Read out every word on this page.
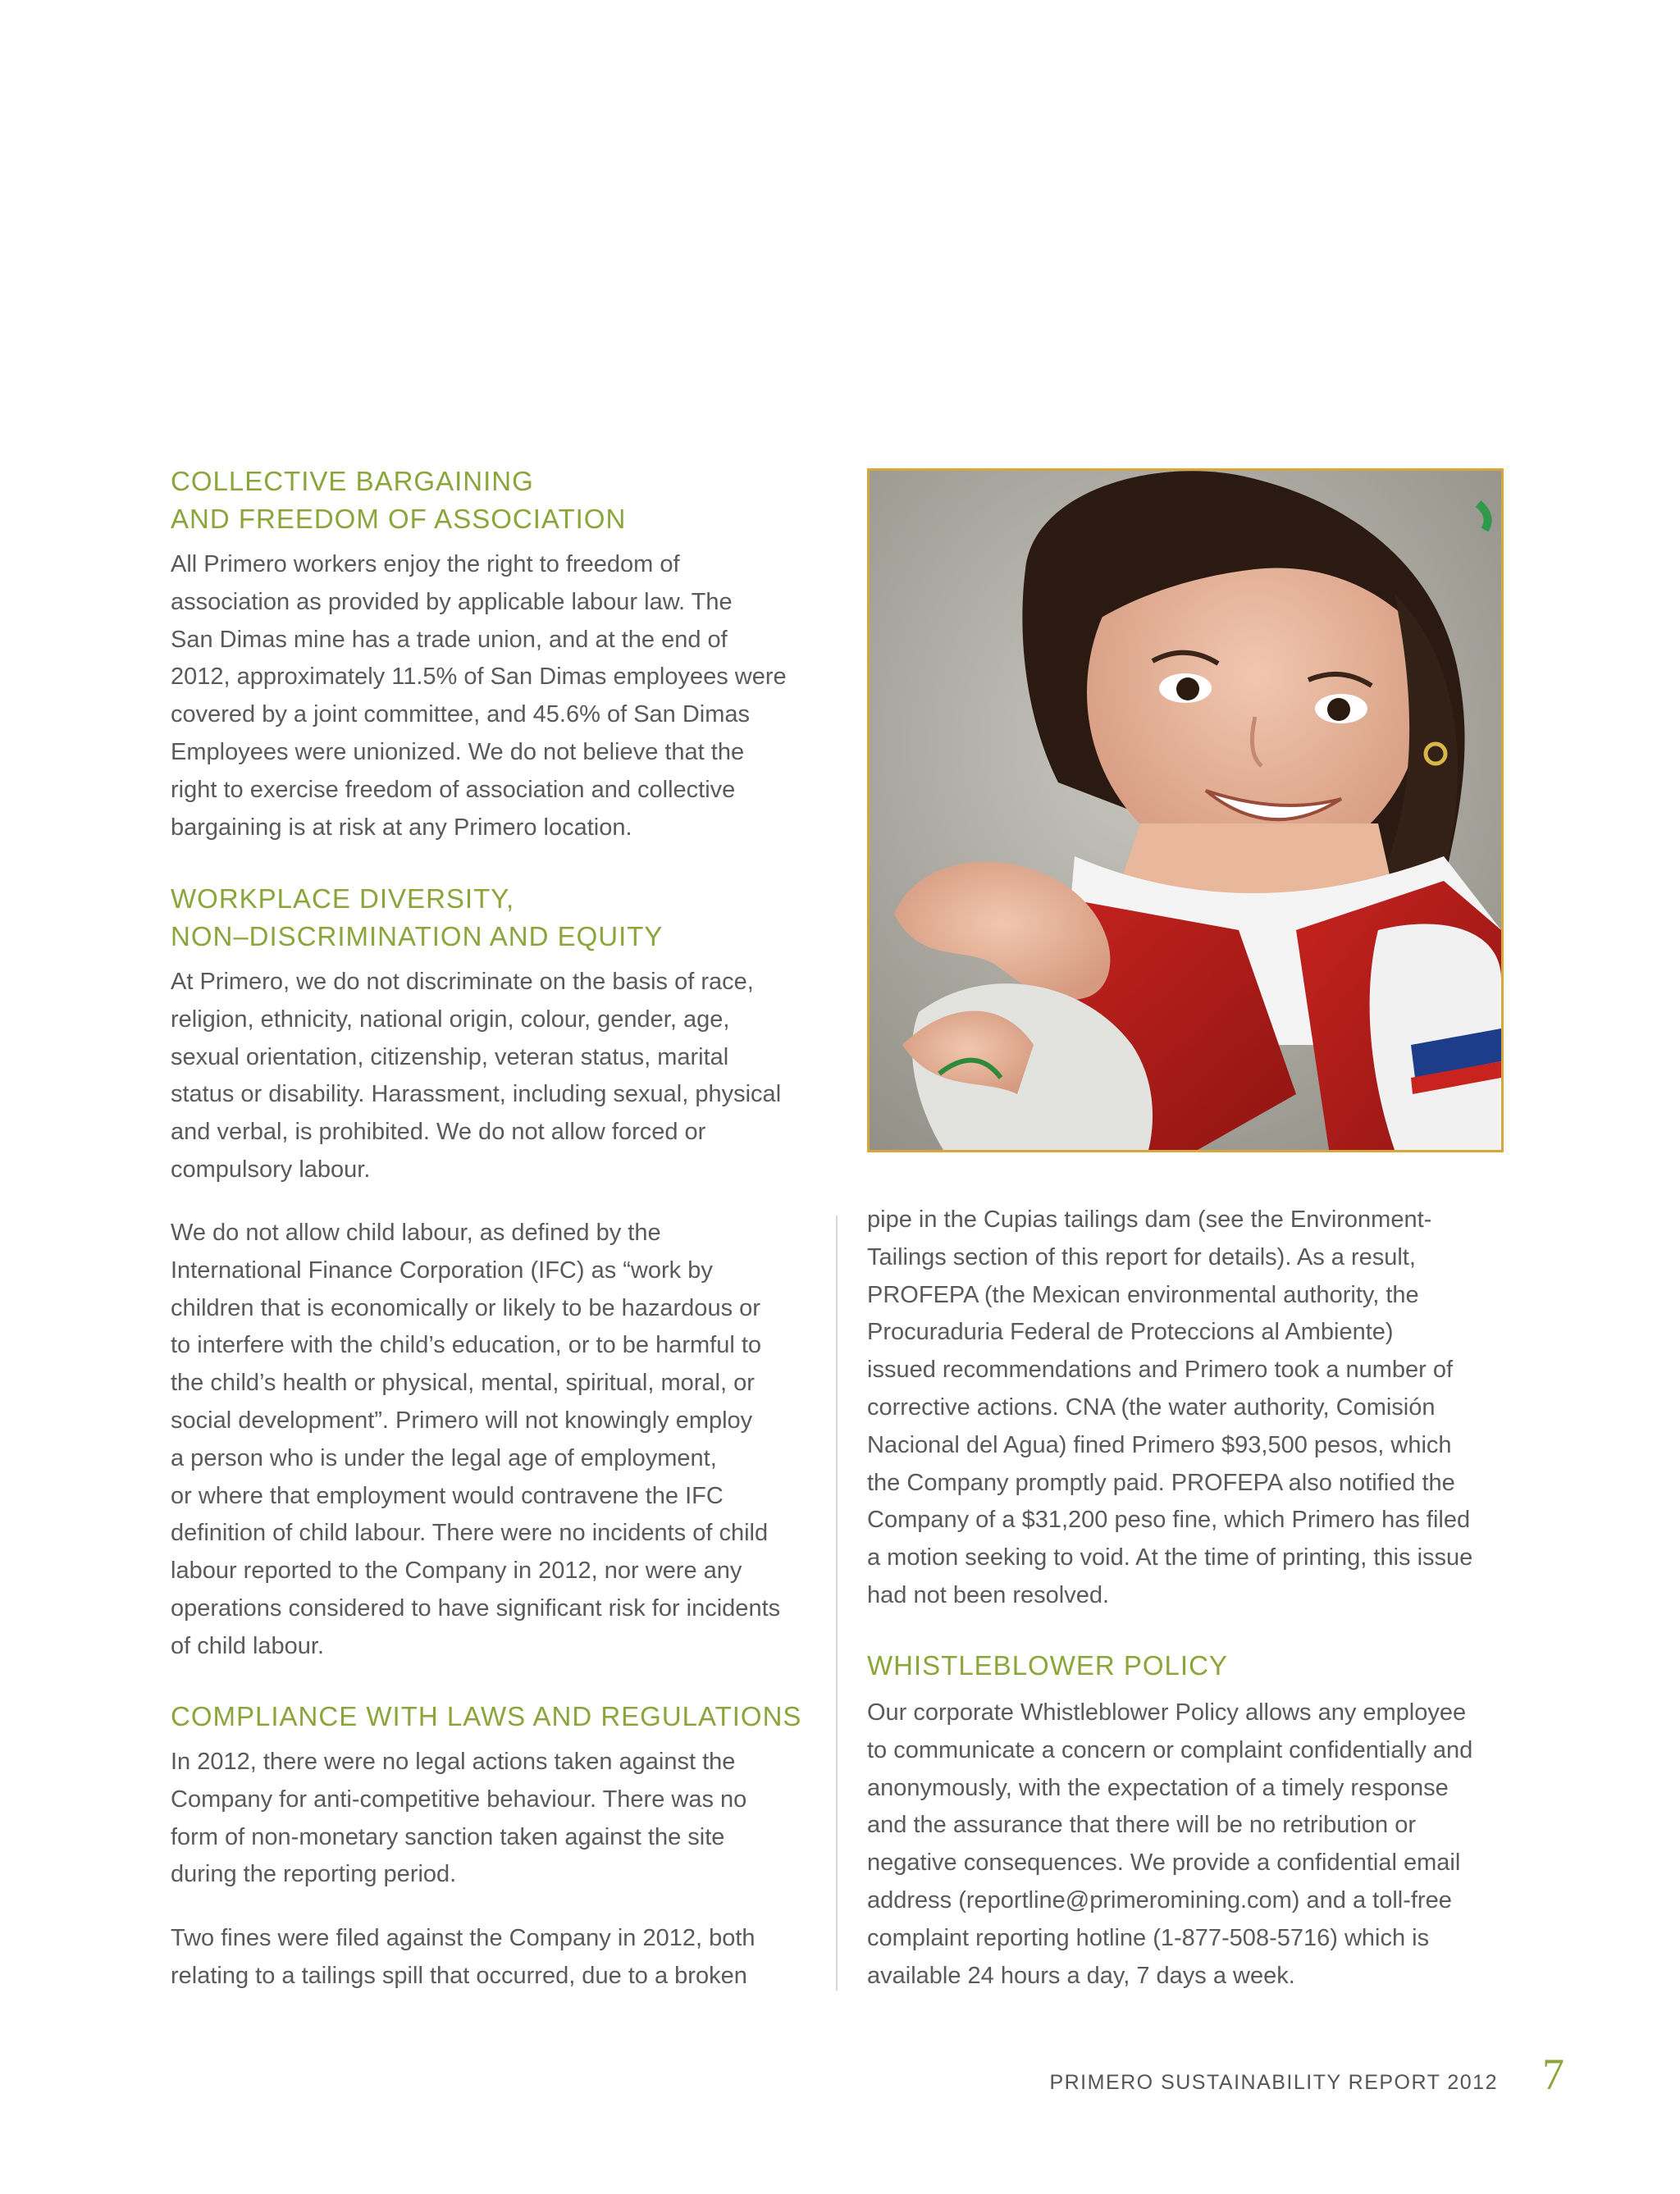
COLLECTIVE BARGAINING
AND FREEDOM OF ASSOCIATION
All Primero workers enjoy the right to freedom of
association as provided by applicable labour law. The
San Dimas mine has a trade union, and at the end of
2012, approximately 11.5% of San Dimas employees were
covered by a joint committee, and 45.6% of San Dimas
Employees were unionized. We do not believe that the
right to exercise freedom of association and collective
bargaining is at risk at any Primero location.
WORKPLACE DIVERSITY,
NON–DISCRIMINATION AND EQUITY
At Primero, we do not discriminate on the basis of race,
religion, ethnicity, national origin, colour, gender, age,
sexual orientation, citizenship, veteran status, marital
status or disability. Harassment, including sexual, physical
and verbal, is prohibited. We do not allow forced or
compulsory labour.
We do not allow child labour, as defined by the
International Finance Corporation (IFC) as “work by
children that is economically or likely to be hazardous or
to interfere with the child’s education, or to be harmful to
the child’s health or physical, mental, spiritual, moral, or
social development”. Primero will not knowingly employ
a person who is under the legal age of employment,
or where that employment would contravene the IFC
definition of child labour. There were no incidents of child
labour reported to the Company in 2012, nor were any
operations considered to have significant risk for incidents
of child labour.
COMPLIANCE WITH LAWS AND REGULATIONS
In 2012, there were no legal actions taken against the
Company for anti-competitive behaviour. There was no
form of non-monetary sanction taken against the site
during the reporting period.
Two fines were filed against the Company in 2012, both
relating to a tailings spill that occurred, due to a broken
pipe in the Cupias tailings dam (see the Environment-
Tailings section of this report for details). As a result,
PROFEPA (the Mexican environmental authority, the
Procuraduria Federal de Proteccions al Ambiente)
issued recommendations and Primero took a number of
corrective actions. CNA (the water authority, Comisión
Nacional del Agua) fined Primero $93,500 pesos, which
the Company promptly paid. PROFEPA also notified the
Company of a $31,200 peso fine, which Primero has filed
a motion seeking to void. At the time of printing, this issue
had not been resolved.
WHISTLEBLOWER POLICY
Our corporate Whistleblower Policy allows any employee
to communicate a concern or complaint confidentially and
anonymously, with the expectation of a timely response
and the assurance that there will be no retribution or
negative consequences. We provide a confidential email
address (reportline@primeromining.com) and a toll-free
complaint reporting hotline (1-877-508-5716) which is
available 24 hours a day, 7 days a week.
PRIMERO SUSTAINABILITY REPORT 2012 7
